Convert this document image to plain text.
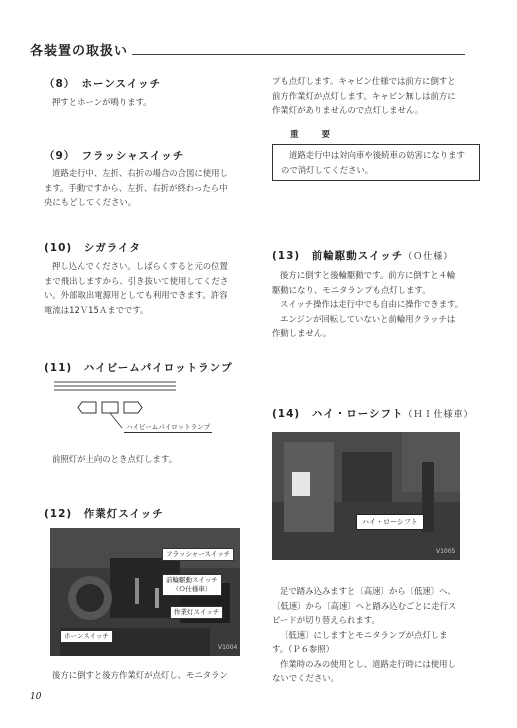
各装置の取扱い
（8）　ホーンスイッチ
押すとホーンが鳴ります。
（9）　フラッシャスイッチ

道路走行中、左折、右折の場合の合図に使用し

ます。手動ですから、左折、右折が終わったら中

央にもどしてください。

(10)　シガライタ

押し込んでください。しばらくすると元の位置

まで飛出しますから、引き抜いて使用してくださ

い。外部取出電源用としても利用できます。許容

電流は12Ｖ15Ａまでです。

(11)　ハイビームパイロットランプ
ハイビームパイロットランプ
前照灯が上向のとき点灯します。
(12)　作業灯スイッチ
フラッシャースイッチ
前輪駆動スイッチ
（Ｏ仕様車）
作業灯スイッチ
ホーンスイッチ
V1004
後方に倒すと後方作業灯が点灯し、モニタラン

プも点灯します。キャビン仕様では前方に倒すと

前方作業灯が点灯します。キャビン無しは前方に

作業灯がありませんので点灯しません。

重　　要

道路走行中は対向車や後続車の妨害になります

ので消灯してください。

(13)　前輪駆動スイッチ（Ｏ仕様）

後方に倒すと後輪駆動です。前方に倒すと４輪

駆動になり、モニタランプも点灯します。

スイッチ操作は走行中でも自由に操作できます。

エンジンが回転していないと前輪用クラッチは

作動しません。

(14)　ハイ・ローシフト（ＨＩ仕様車）
ハイ・ローシフト
V1005

足で踏み込みますと〔高速〕から〔低速〕へ、

〔低速〕から〔高速〕へと踏み込むごとに走行ス

ピードが切り替えられます。

〔低速〕にしますとモニタランプが点灯しま

す。（Ｐ６参照）

作業時のみの使用とし、道路走行時には使用し

ないでください。

10
